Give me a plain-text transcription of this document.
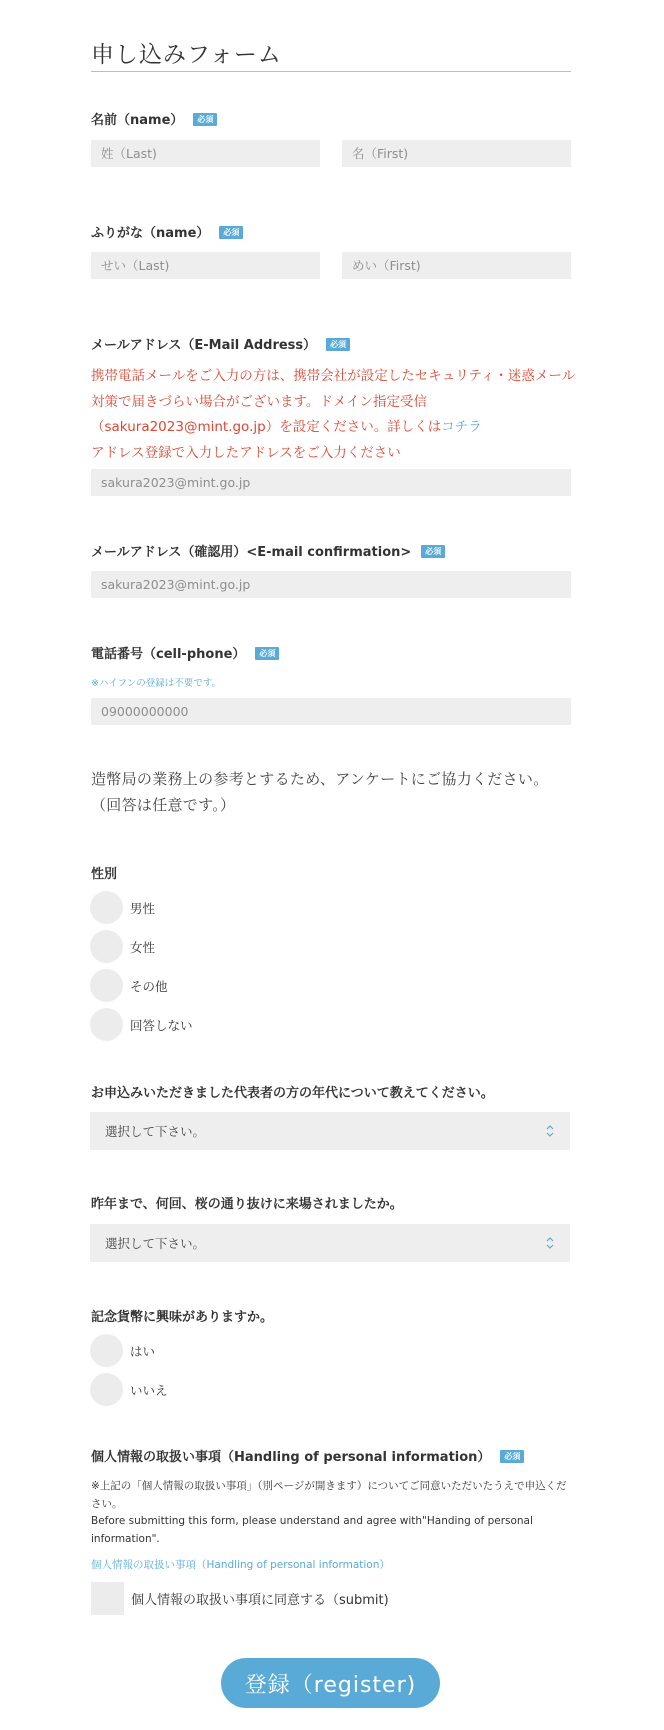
申し込みフォーム
名前（name） 必須
姓（Last)
名（First)
ふりがな（name） 必須
せい（Last)
めい（First)
メールアドレス（E-Mail Address） 必須
携帯電話メールをご入力の方は、携帯会社が設定したセキュリティ・迷惑メール対策で届きづらい場合がございます。ドメイン指定受信（sakura2023@mint.go.jp）を設定ください。詳しくはコチラ
アドレス登録で入力したアドレスをご入力ください
sakura2023@mint.go.jp
メールアドレス（確認用）<E-mail confirmation> 必須
sakura2023@mint.go.jp
電話番号（cell-phone） 必須
※ハイフンの登録は不要です。
09000000000
造幣局の業務上の参考とするため、アンケートにご協力ください。
（回答は任意です。）
性別
男性
女性
その他
回答しない
お申込みいただきました代表者の方の年代について教えてください。
選択して下さい。
昨年まで、何回、桜の通り抜けに来場されましたか。
選択して下さい。
記念貨幣に興味がありますか。
はい
いいえ
個人情報の取扱い事項（Handling of personal information） 必須
※上記の「個人情報の取扱い事項」（別ページが開きます）についてご同意いただいたうえで申込ください。
Before submitting this form, please understand and agree with"Handing of personal information".
個人情報の取扱い事項（Handling of personal information）
個人情報の取扱い事項に同意する（submit)
登録（register)
